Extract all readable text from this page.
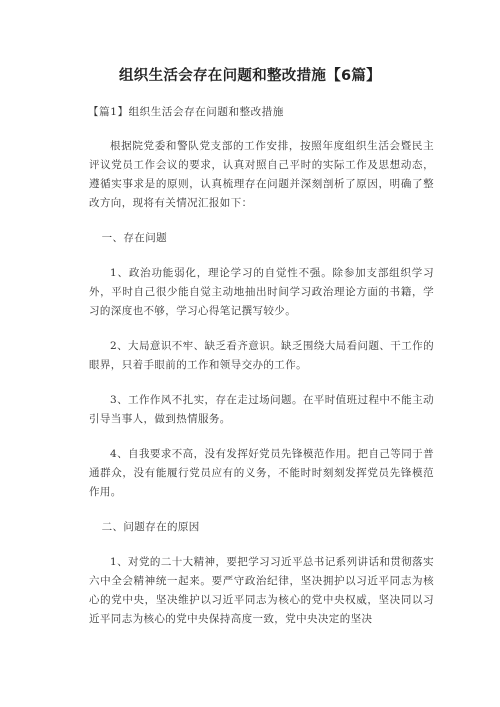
组织生活会存在问题和整改措施【6篇】
【篇1】组织生活会存在问题和整改措施

根据院党委和警队党支部的工作安排，按照年度组织生活会暨民主评议党员工作会议的要求，认真对照自己平时的实际工作及思想动态，遵循实事求是的原则，认真梳理存在问题并深刻剖析了原因，明确了整改方向，现将有关情况汇报如下：

一、存在问题

1、政治功能弱化，理论学习的自觉性不强。除参加支部组织学习外，平时自己很少能自觉主动地抽出时间学习政治理论方面的书籍，学习的深度也不够，学习心得笔记撰写较少。

2、大局意识不牢、缺乏看齐意识。缺乏围绕大局看问题、干工作的眼界，只着手眼前的工作和领导交办的工作。

3、工作作风不扎实，存在走过场问题。在平时值班过程中不能主动引导当事人，做到热情服务。

4、自我要求不高，没有发挥好党员先锋模范作用。把自己等同于普通群众，没有能履行党员应有的义务，不能时时刻刻发挥党员先锋模范作用。

二、问题存在的原因

1、对党的二十大精神，要把学习习近平总书记系列讲话和贯彻落实六中全会精神统一起来。要严守政治纪律，坚决拥护以习近平同志为核心的党中央，坚决维护以习近平同志为核心的党中央权威，坚决同以习近平同志为核心的党中央保持高度一致，党中央决定的坚决
